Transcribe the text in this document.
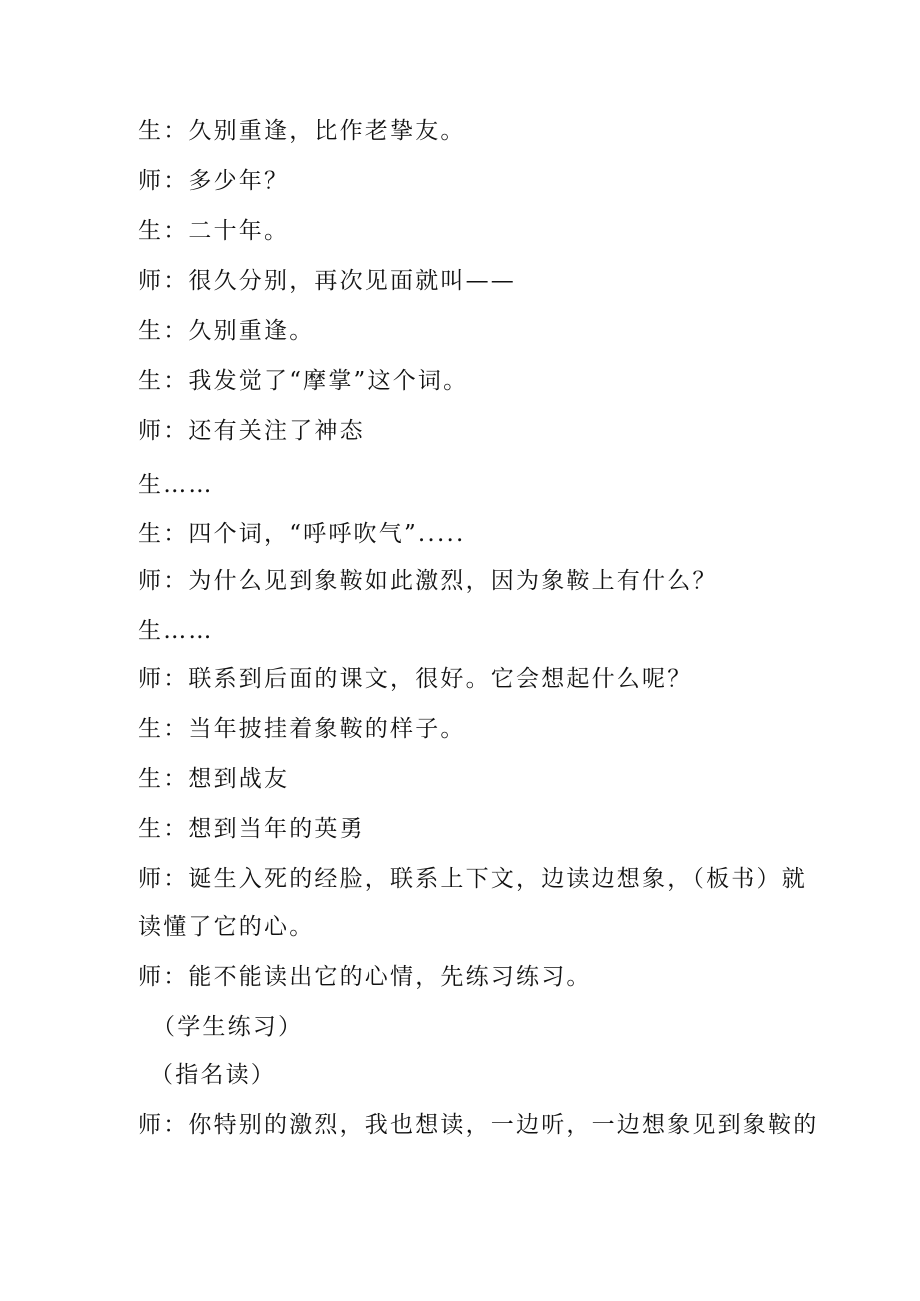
生：久别重逢，比作老挚友。
师：多少年？
生：二十年。
师：很久分别，再次见面就叫——
生：久别重逢。
生：我发觉了“摩掌”这个词。
师：还有关注了神态
生……
生：四个词，“呼呼吹气”.....
师：为什么见到象鞍如此激烈，因为象鞍上有什么？
生……
师：联系到后面的课文，很好。它会想起什么呢？
生：当年披挂着象鞍的样子。
生：想到战友
生：想到当年的英勇
师：诞生入死的经脸，联系上下文，边读边想象，（板书）就
读懂了它的心。
师：能不能读出它的心情，先练习练习。
（学生练习）
（指名读）
师：你特别的激烈，我也想读，一边听，一边想象见到象鞍的
